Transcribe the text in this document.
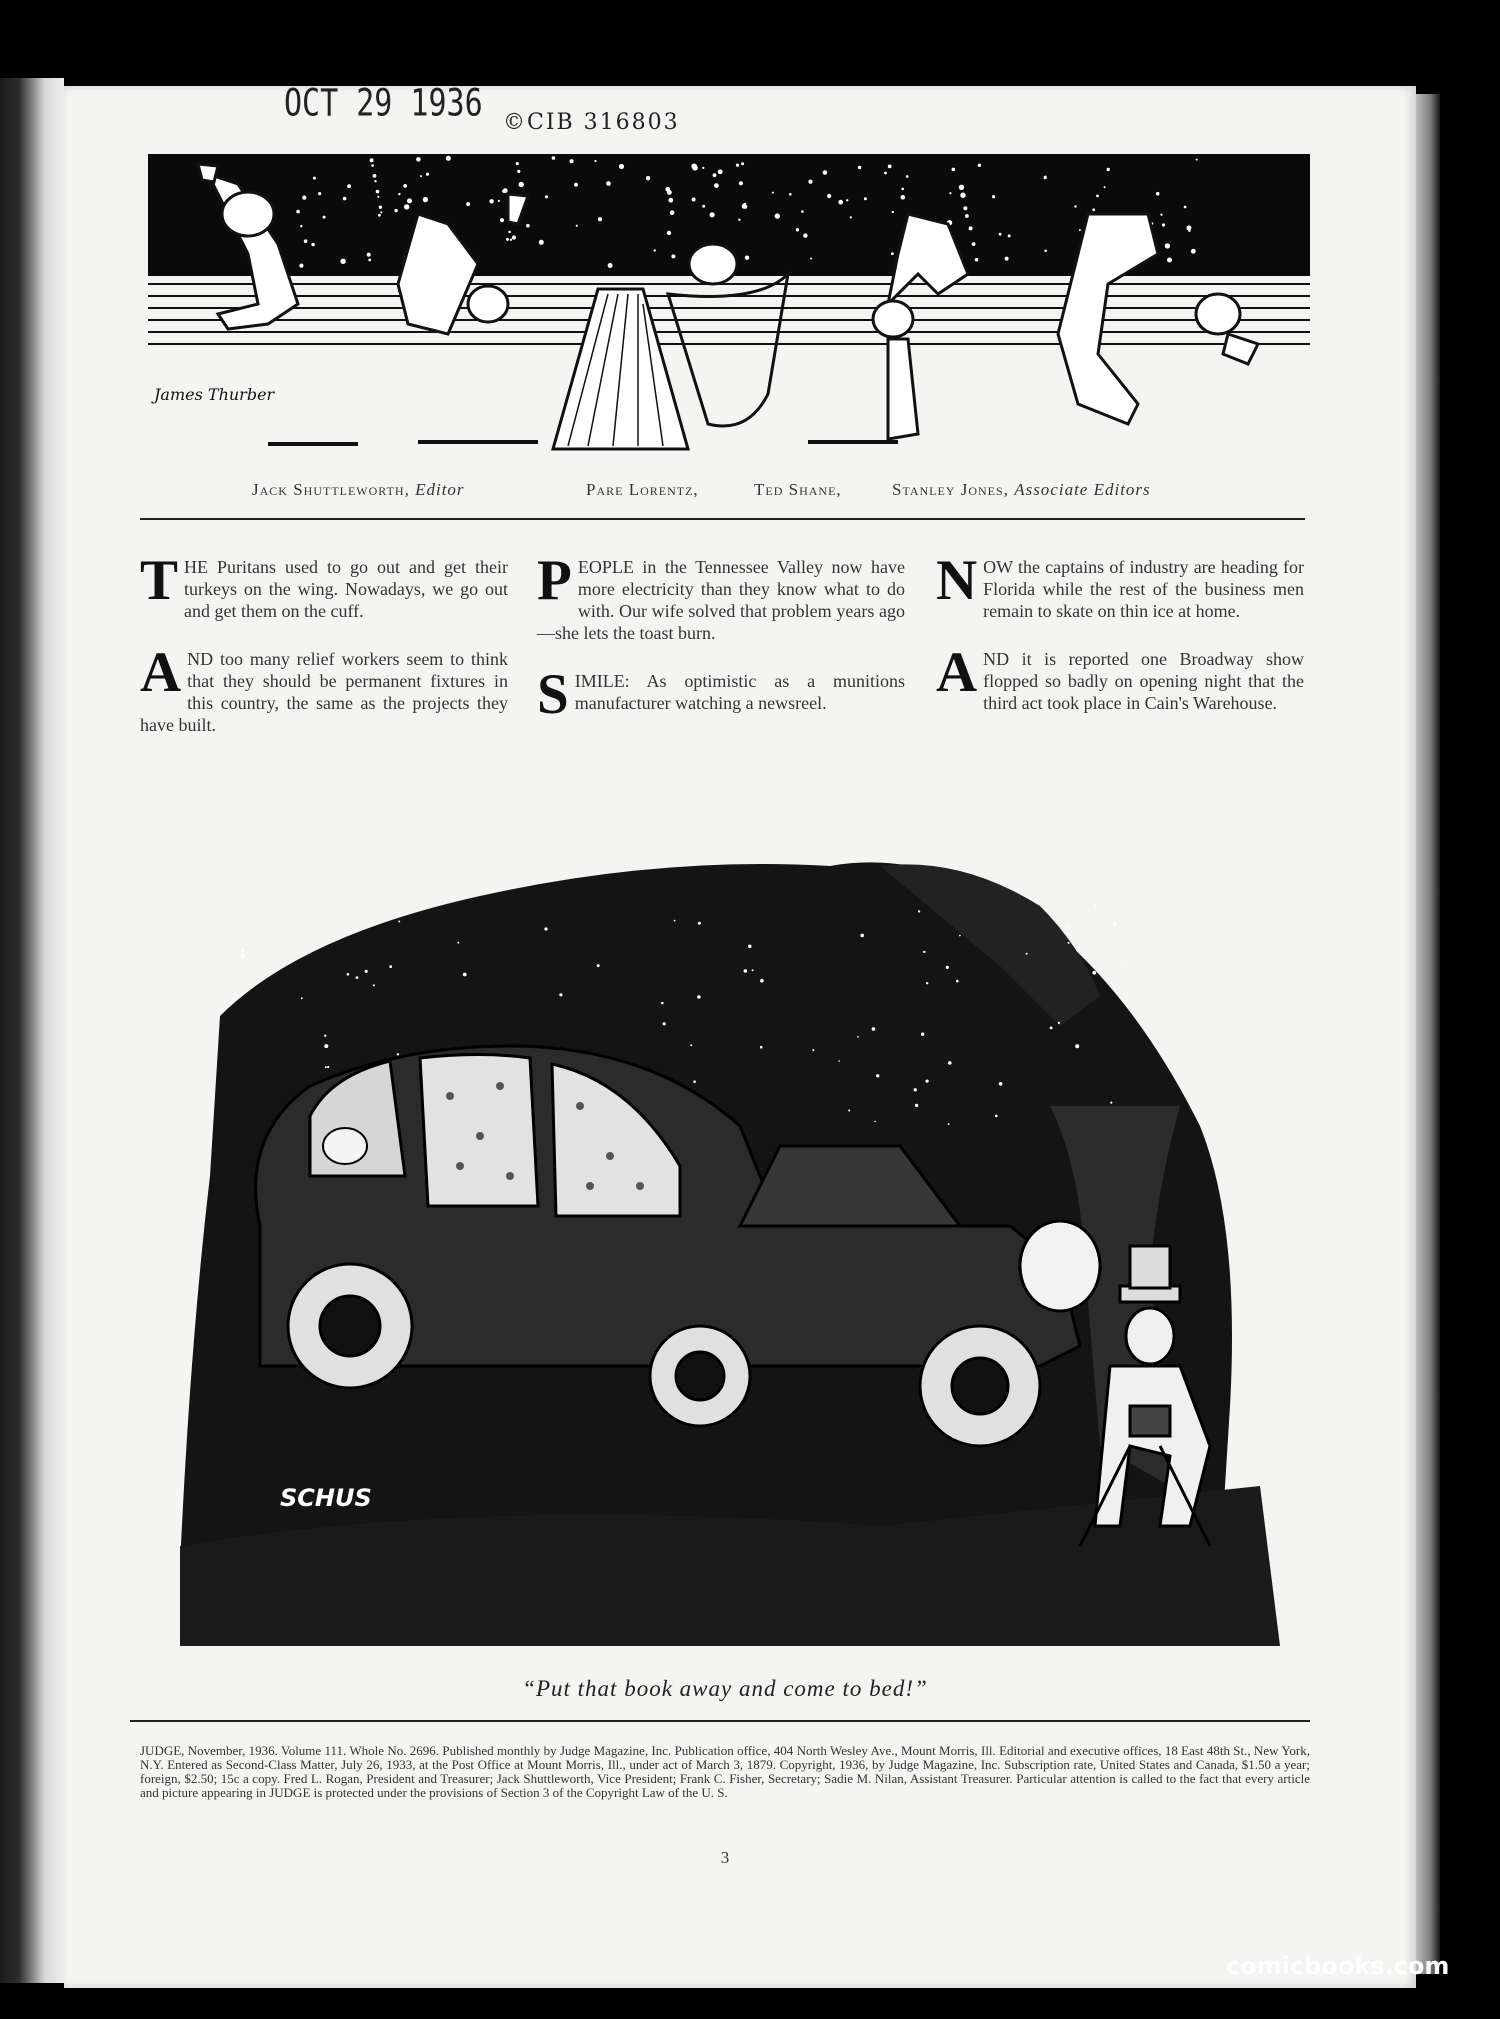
OCT 29 1936 ©CIB 316803
James Thurber
Jack Shuttleworth, Editor	Pare Lorentz,	Ted Shane,	Stanley Jones, Associate Editors

THE Puritans used to go out and get their turkeys on the wing. Nowadays, we go out and get them on the cuff.

AND too many relief workers seem to think that they should be permanent fixtures in this country, the same as the projects they have built.

PEOPLE in the Tennessee Valley now have more electricity than they know what to do with. Our wife solved that problem years ago—she lets the toast burn.

SIMILE: As optimistic as a munitions manufacturer watching a newsreel.

NOW the captains of industry are heading for Florida while the rest of the business men remain to skate on thin ice at home.

AND it is reported one Broadway show flopped so badly on opening night that the third act took place in Cain's Warehouse.

SCHUS
“Put that book away and come to bed!”
JUDGE, November, 1936. Volume 111. Whole No. 2696. Published monthly by Judge Magazine, Inc. Publication office, 404 North Wesley Ave., Mount Morris, Ill. Editorial and executive offices, 18 East 48th St., New York, N.Y. Entered as Second-Class Matter, July 26, 1933, at the Post Office at Mount Morris, Ill., under act of March 3, 1879. Copyright, 1936, by Judge Magazine, Inc. Subscription rate, United States and Canada, $1.50 a year; foreign, $2.50; 15c a copy. Fred L. Rogan, President and Treasurer; Jack Shuttleworth, Vice President; Frank C. Fisher, Secretary; Sadie M. Nilan, Assistant Treasurer. Particular attention is called to the fact that every article and picture appearing in JUDGE is protected under the provisions of Section 3 of the Copyright Law of the U. S.
3
comicbooks.com
